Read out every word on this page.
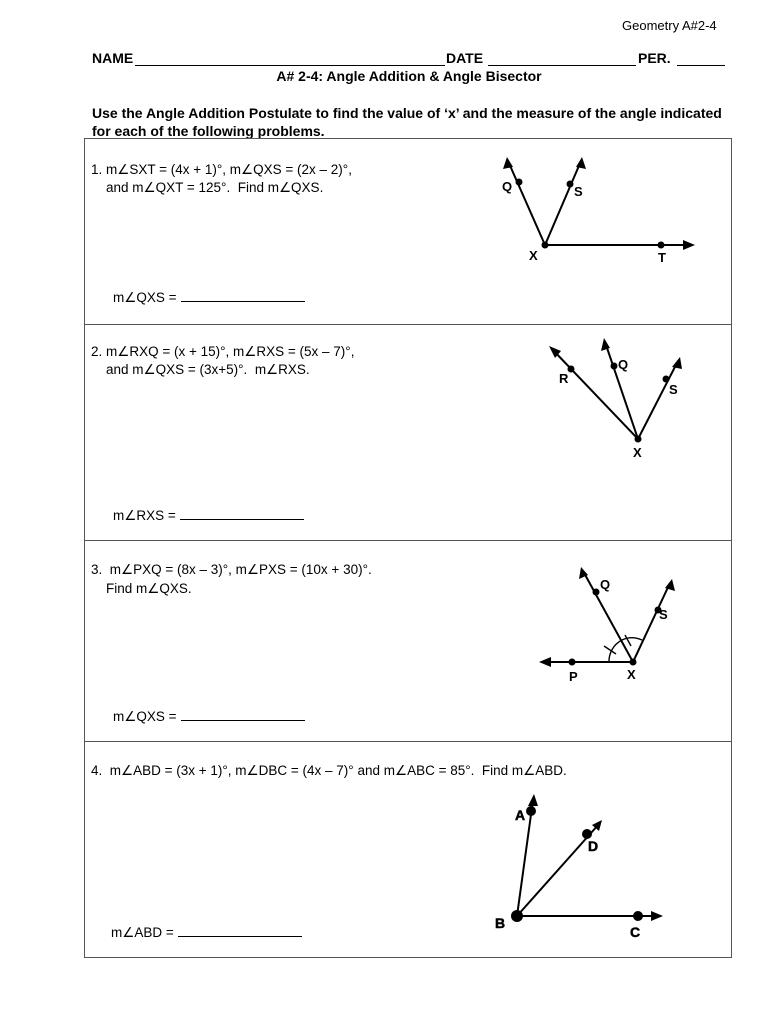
Geometry A#2-4
NAME	DATE	PER.
A# 2-4: Angle Addition & Angle Bisector
Use the Angle Addition Postulate to find the value of ‘x’ and the measure of the angle indicated for each of the following problems.
1. m∠SXT = (4x + 1)°, m∠QXS = (2x – 2)°,
and m∠QXT = 125°.  Find m∠QXS.
m∠QXS =
Q	S
X	T
2. m∠RXQ = (x + 15)°, m∠RXS = (5x – 7)°,
and m∠QXS = (3x+5)°.  m∠RXS.
m∠RXS =
R
Q
S
X
3.  m∠PXQ = (8x – 3)°, m∠PXS = (10x + 30)°.
Find m∠QXS.
m∠QXS =
Q
S
P	X
4.  m∠ABD = (3x + 1)°, m∠DBC = (4x – 7)° and m∠ABC = 85°.  Find m∠ABD.
m∠ABD =
A
D
B
C
